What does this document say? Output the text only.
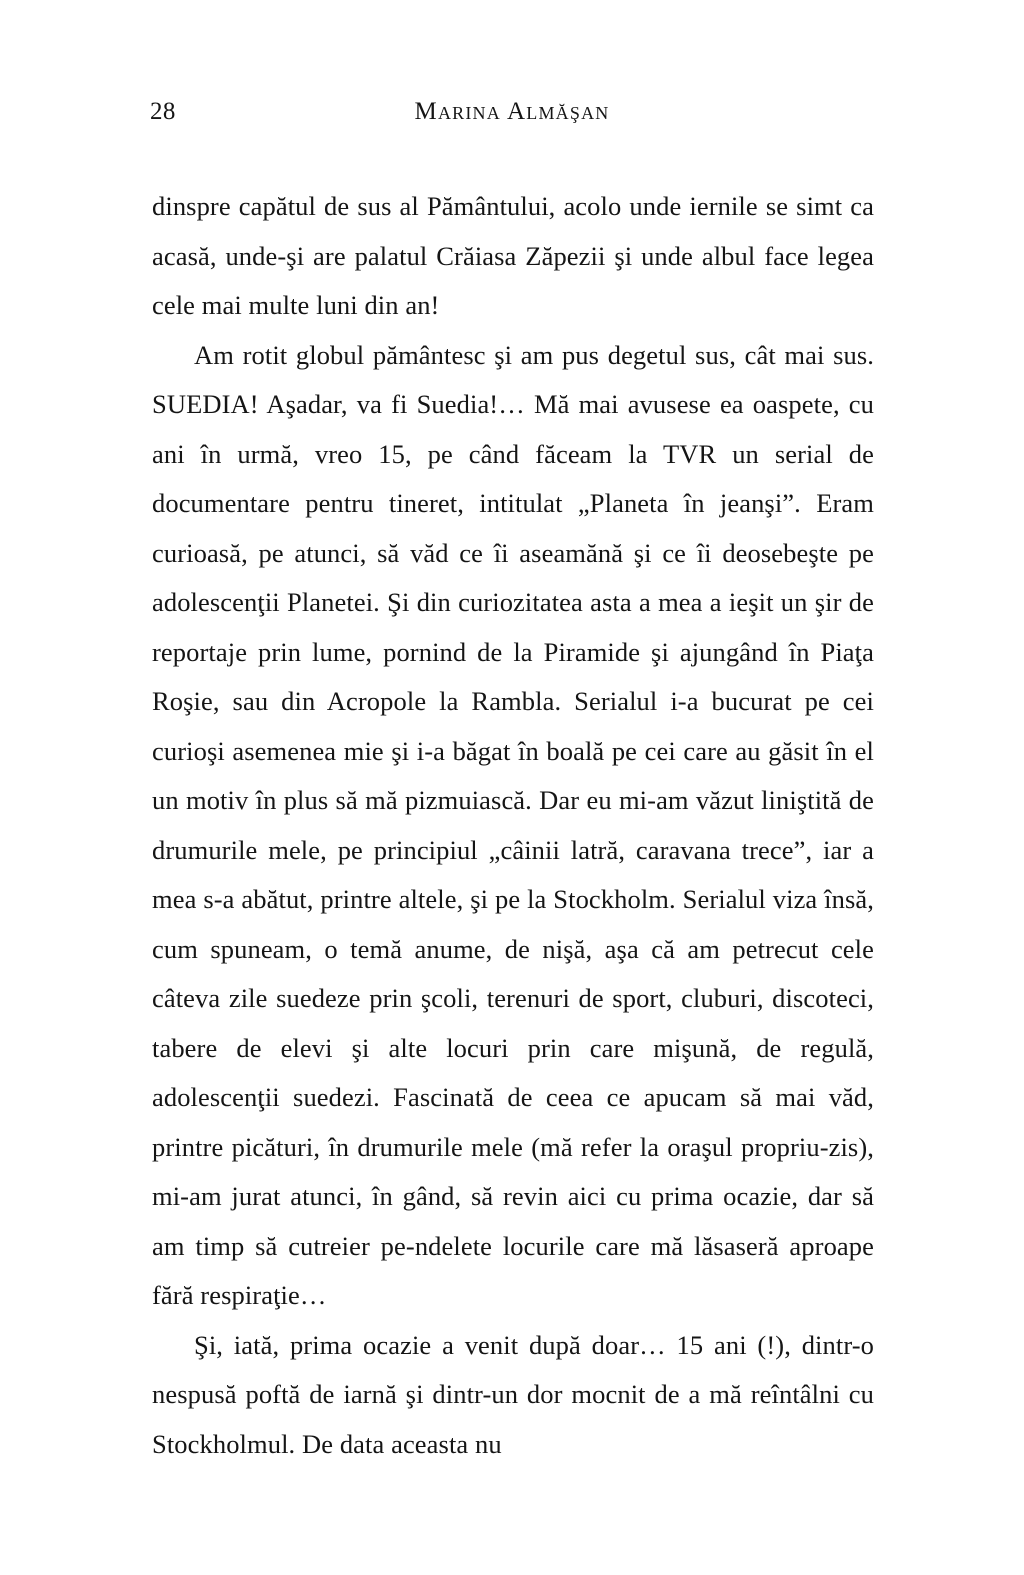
28	Marina Almăşan

dinspre capătul de sus al Pământului, acolo unde iernile se simt ca acasă, unde-şi are palatul Crăiasa Zăpezii şi unde albul face legea cele mai multe luni din an!

Am rotit globul pământesc şi am pus degetul sus, cât mai sus. SUEDIA! Aşadar, va fi Suedia!… Mă mai avusese ea oaspete, cu ani în urmă, vreo 15, pe când făceam la TVR un serial de documentare pentru tineret, intitulat „Planeta în jeanşi”. Eram curioasă, pe atunci, să văd ce îi aseamănă şi ce îi deosebeşte pe adolescenţii Planetei. Şi din curiozitatea asta a mea a ieşit un şir de reportaje prin lume, pornind de la Piramide şi ajungând în Piaţa Roşie, sau din Acropole la Rambla. Serialul i-a bucurat pe cei curioşi asemenea mie şi i-a băgat în boală pe cei care au găsit în el un motiv în plus să mă pizmuiască. Dar eu mi-am văzut liniştită de drumurile mele, pe principiul „câinii latră, caravana trece”, iar a mea s-a abătut, printre altele, şi pe la Stockholm. Serialul viza însă, cum spuneam, o temă anume, de nişă, aşa că am petrecut cele câteva zile suedeze prin şcoli, terenuri de sport, cluburi, discoteci, tabere de elevi şi alte locuri prin care mişună, de regulă, adolescenţii suedezi. Fascinată de ceea ce apucam să mai văd, printre picături, în drumurile mele (mă refer la oraşul propriu-zis), mi-am jurat atunci, în gând, să revin aici cu prima ocazie, dar să am timp să cutreier pe-ndelete locurile care mă lăsaseră aproape fără respiraţie…

Şi, iată, prima ocazie a venit după doar… 15 ani (!), dintr-o nespusă poftă de iarnă şi dintr-un dor mocnit de a mă reîntâlni cu Stockholmul. De data aceasta nu
